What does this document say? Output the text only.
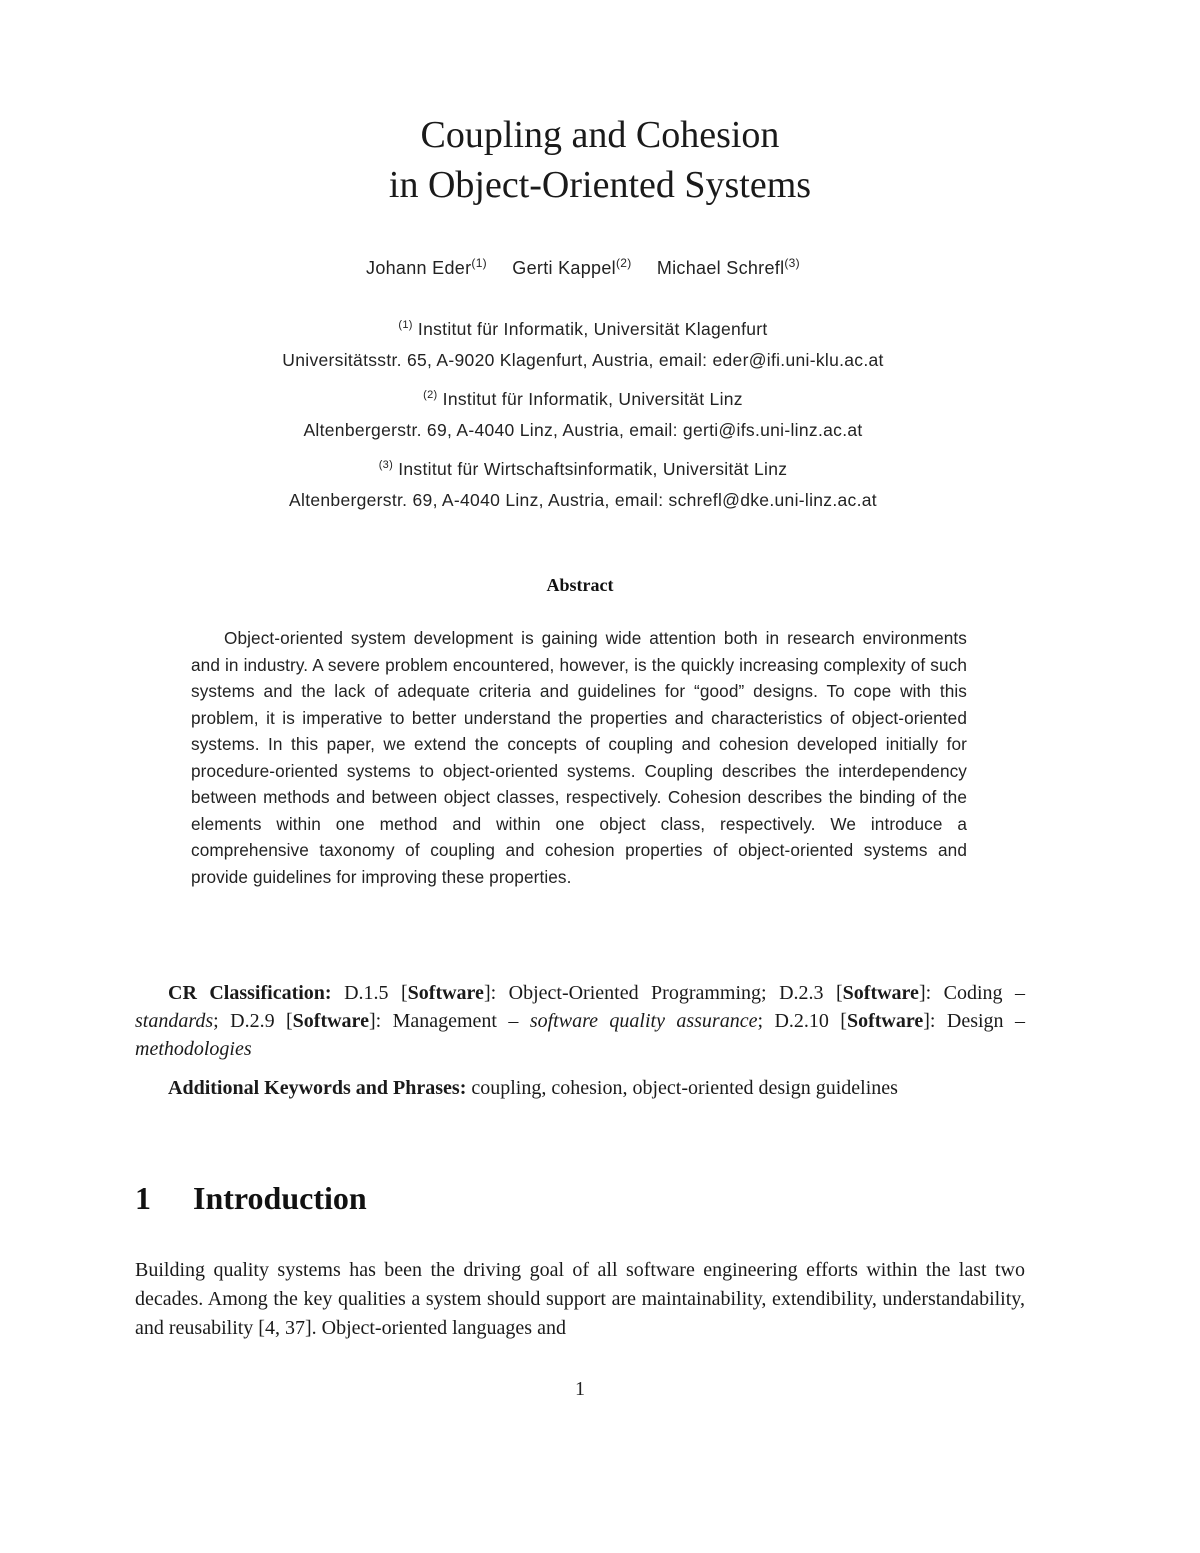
Coupling and Cohesion
in Object-Oriented Systems
Johann Eder$^{(1)}$ Gerti Kappel$^{(2)}$ Michael Schrefl$^{(3)}$
$^{(1)}$ Institut für Informatik, Universität Klagenfurt
Universitätsstr. 65, A-9020 Klagenfurt, Austria, email: eder@ifi.uni-klu.ac.at
$^{(2)}$ Institut für Informatik, Universität Linz
Altenbergerstr. 69, A-4040 Linz, Austria, email: gerti@ifs.uni-linz.ac.at
$^{(3)}$ Institut für Wirtschaftsinformatik, Universität Linz
Altenbergerstr. 69, A-4040 Linz, Austria, email: schrefl@dke.uni-linz.ac.at
Abstract

Object-oriented system development is gaining wide attention both in research environments and in industry. A severe problem encountered, however, is the quickly increasing complexity of such systems and the lack of adequate criteria and guidelines for “good” designs. To cope with this problem, it is imperative to better understand the properties and characteristics of object-oriented systems. In this paper, we extend the concepts of coupling and cohesion developed initially for procedure-oriented systems to object-oriented systems. Coupling describes the interdependency between methods and between object classes, respectively. Cohesion describes the binding of the elements within one method and within one object class, respectively. We introduce a comprehensive taxonomy of coupling and cohesion properties of object-oriented systems and provide guidelines for improving these properties.

CR Classification: D.1.5 [Software]: Object-Oriented Programming; D.2.3 [Software]: Coding – standards; D.2.9 [Software]: Management – software quality assurance; D.2.10 [Software]: Design – methodologies

Additional Keywords and Phrases: coupling, cohesion, object-oriented design guidelines

1 Introduction

Building quality systems has been the driving goal of all software engineering efforts within the last two decades. Among the key qualities a system should support are maintainability, extendibility, understandability, and reusability [4, 37]. Object-oriented languages and

1
